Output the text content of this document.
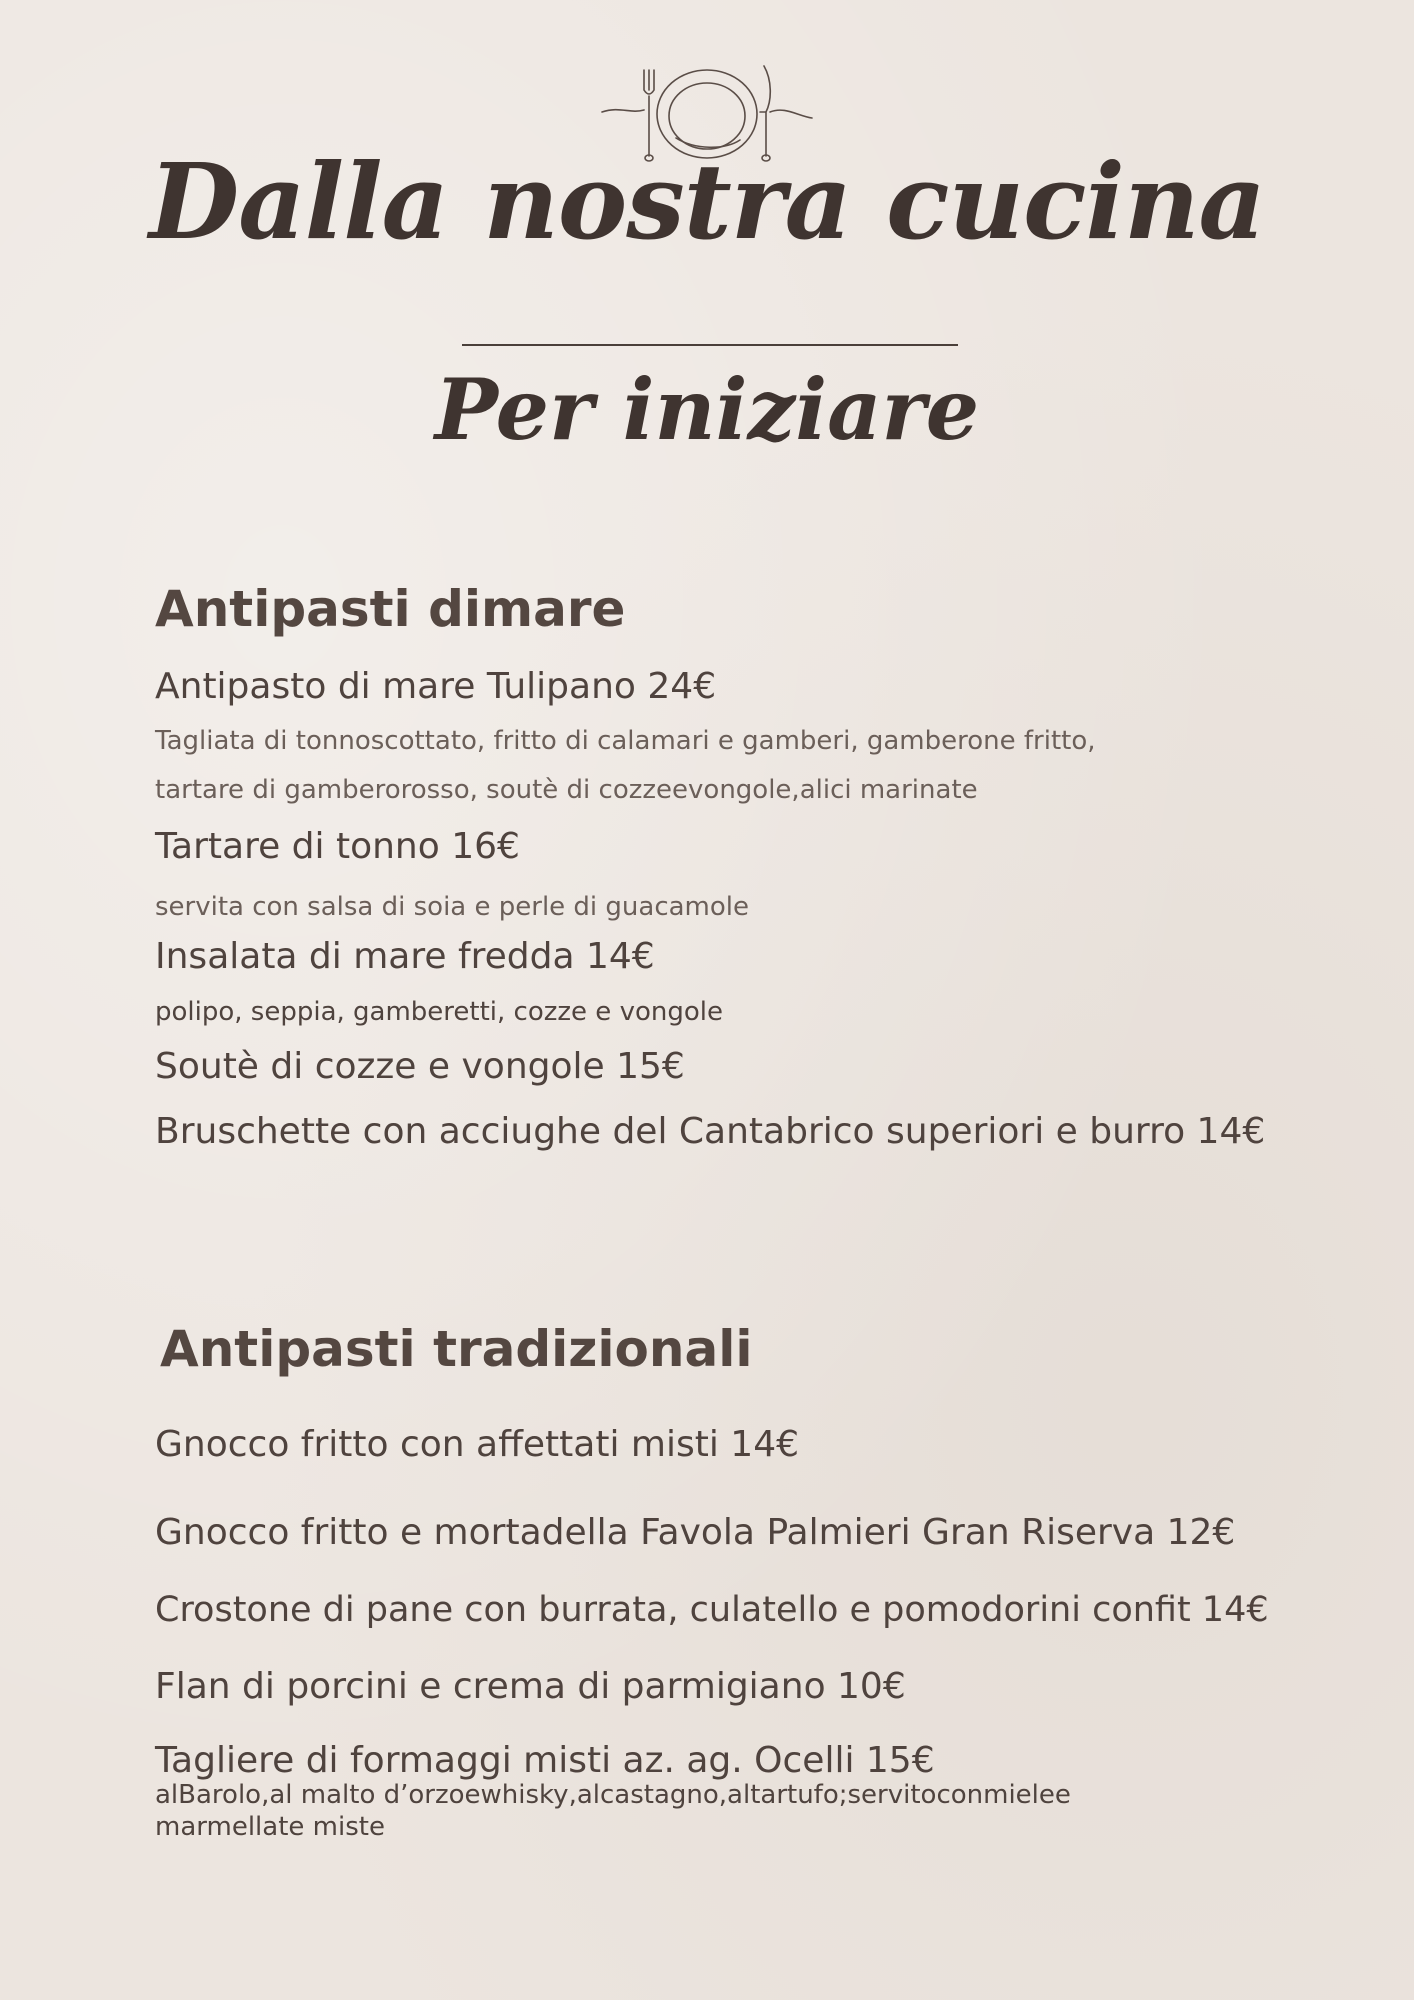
Dalla nostra cucina
Per iniziare
Antipasti dimare

Antipasto di mare Tulipano 24€

Tagliata di tonnoscottato, fritto di calamari e gamberi, gamberone fritto,

tartare di gamberorosso, soutè di cozzeevongole,alici marinate

Tartare di tonno 16€

servita con salsa di soia e perle di guacamole

Insalata di mare fredda 14€

polipo, seppia, gamberetti, cozze e vongole

Soutè di cozze e vongole 15€

Bruschette con acciughe del Cantabrico superiori e burro 14€

Antipasti tradizionali

Gnocco fritto con affettati misti 14€

Gnocco fritto e mortadella Favola Palmieri Gran Riserva 12€

Crostone di pane con burrata, culatello e pomodorini confit 14€

Flan di porcini e crema di parmigiano 10€

Tagliere di formaggi misti az. ag. Ocelli 15€

alBarolo,al malto d’orzoewhisky,alcastagno,altartufo;servitoconmielee

marmellate miste
